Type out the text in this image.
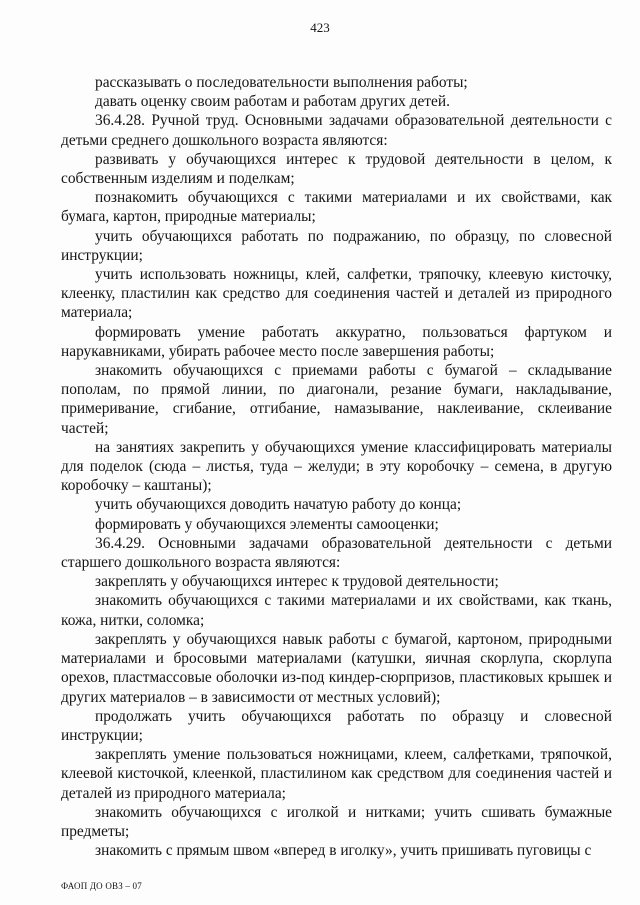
423

рассказывать о последовательности выполнения работы;

давать оценку своим работам и работам других детей.

36.4.28. Ручной труд. Основными задачами образовательной деятельности с детьми среднего дошкольного возраста являются:

развивать у обучающихся интерес к трудовой деятельности в целом, к собственным изделиям и поделкам;

познакомить обучающихся с такими материалами и их свойствами, как бумага, картон, природные материалы;

учить обучающихся работать по подражанию, по образцу, по словесной инструкции;

учить использовать ножницы, клей, салфетки, тряпочку, клеевую кисточку, клеенку, пластилин как средство для соединения частей и деталей из природного материала;

формировать умение работать аккуратно, пользоваться фартуком и нарукавниками, убирать рабочее место после завершения работы;

знакомить обучающихся с приемами работы с бумагой – складывание пополам, по прямой линии, по диагонали, резание бумаги, накладывание, примеривание, сгибание, отгибание, намазывание, наклеивание, склеивание частей;

на занятиях закрепить у обучающихся умение классифицировать материалы для поделок (сюда – листья, туда – желуди; в эту коробочку – семена, в другую коробочку – каштаны);

учить обучающихся доводить начатую работу до конца;

формировать у обучающихся элементы самооценки;

36.4.29. Основными задачами образовательной деятельности с детьми старшего дошкольного возраста являются:

закреплять у обучающихся интерес к трудовой деятельности;

знакомить обучающихся с такими материалами и их свойствами, как ткань, кожа, нитки, соломка;

закреплять у обучающихся навык работы с бумагой, картоном, природными материалами и бросовыми материалами (катушки, яичная скорлупа, скорлупа орехов, пластмассовые оболочки из-под киндер-сюрпризов, пластиковых крышек и других материалов – в зависимости от местных условий);

продолжать учить обучающихся работать по образцу и словесной инструкции;

закреплять умение пользоваться ножницами, клеем, салфетками, тряпочкой, клеевой кисточкой, клеенкой, пластилином как средством для соединения частей и деталей из природного материала;

знакомить обучающихся с иголкой и нитками; учить сшивать бумажные предметы;

знакомить с прямым швом «вперед в иголку», учить пришивать пуговицы с

ФАОП ДО ОВЗ – 07
